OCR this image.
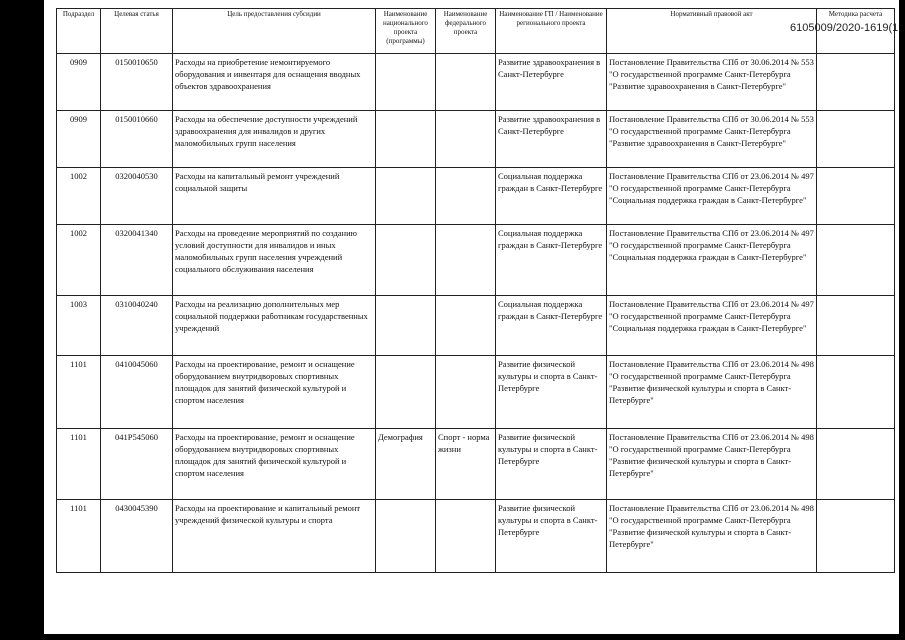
6105009/2020-1619(1
Подраздел	Целевая статья	Цель предоставления субсидии	Наименование национального проекта (программы)	Наименование федерального проекта	Наименование ГП / Наименование регионального проекта	Нормативный правовой акт	Методика расчета
0909	0150010650	Расходы на приобретение немонтируемого оборудования и инвентаря для оснащения вводных объектов здравоохранения			Развитие здравоохранения в Санкт-Петербурге	Постановление Правительства СПб от 30.06.2014 № 553 "О государственной программе Санкт-Петербурга "Развитие здравоохранения в Санкт-Петербурге"	
0909	0150010660	Расходы на обеспечение доступности учреждений здравоохранения для инвалидов и других маломобильных групп населения			Развитие здравоохранения в Санкт-Петербурге	Постановление Правительства СПб от 30.06.2014 № 553 "О государственной программе Санкт-Петербурга "Развитие здравоохранения в Санкт-Петербурге"	
1002	0320040530	Расходы на капитальный ремонт учреждений социальной защиты			Социальная поддержка граждан в Санкт-Петербурге	Постановление Правительства СПб от 23.06.2014 № 497 "О государственной программе Санкт-Петербурга "Социальная поддержка граждан в Санкт-Петербурге"	
1002	0320041340	Расходы на проведение мероприятий по созданию условий доступности для инвалидов и иных маломобильных групп населения учреждений социального обслуживания населения			Социальная поддержка граждан в Санкт-Петербурге	Постановление Правительства СПб от 23.06.2014 № 497 "О государственной программе Санкт-Петербурга "Социальная поддержка граждан в Санкт-Петербурге"	
1003	0310040240	Расходы на реализацию дополнительных мер социальной поддержки работникам государственных учреждений			Социальная поддержка граждан в Санкт-Петербурге	Постановление Правительства СПб от 23.06.2014 № 497 "О государственной программе Санкт-Петербурга "Социальная поддержка граждан в Санкт-Петербурге"	
1101	0410045060	Расходы на проектирование, ремонт и оснащение оборудованием внутридворовых спортивных площадок для занятий физической культурой и спортом населения			Развитие физической культуры и спорта в Санкт-Петербурге	Постановление Правительства СПб от 23.06.2014 № 498 "О государственной программе Санкт-Петербурга "Развитие физической культуры и спорта в Санкт-Петербурге"	
1101	041P545060	Расходы на проектирование, ремонт и оснащение оборудованием внутридворовых спортивных площадок для занятий физической культурой и спортом населения	Демография	Спорт - норма жизни	Развитие физической культуры и спорта в Санкт-Петербурге	Постановление Правительства СПб от 23.06.2014 № 498 "О государственной программе Санкт-Петербурга "Развитие физической культуры и спорта в Санкт-Петербурге"	
1101	0430045390	Расходы на проектирование и капитальный ремонт учреждений физической культуры и спорта			Развитие физической культуры и спорта в Санкт-Петербурге	Постановление Правительства СПб от 23.06.2014 № 498 "О государственной программе Санкт-Петербурга "Развитие физической культуры и спорта в Санкт-Петербурге"	
